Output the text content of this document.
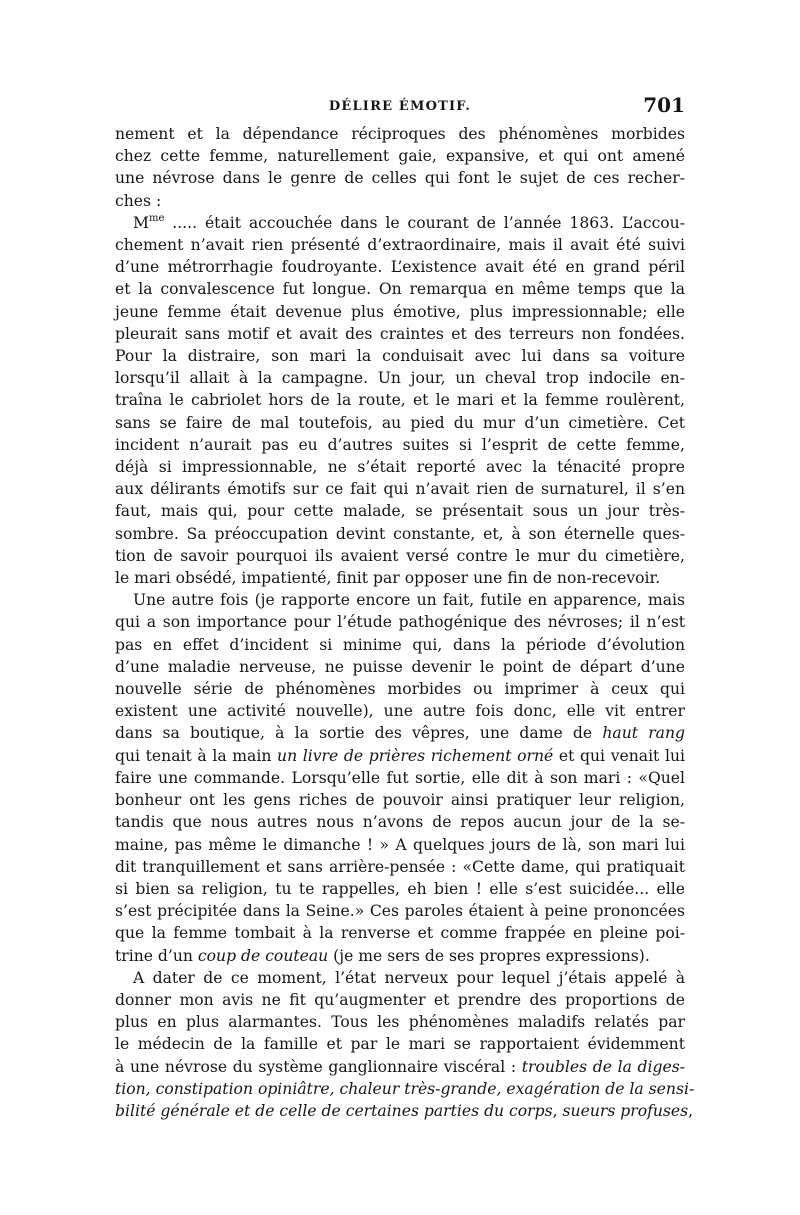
DÉLIRE ÉMOTIF.	701
nement et la dépendance réciproques des phénomènes morbides
chez cette femme, naturellement gaie, expansive, et qui ont amené
une névrose dans le genre de celles qui font le sujet de ces recher-
ches :
$M^{me}$ ..... était accouchée dans le courant de l’année 1863. L’accou-
chement n’avait rien présenté d’extraordinaire, mais il avait été suivi
d’une métrorrhagie foudroyante. L’existence avait été en grand péril
et la convalescence fut longue. On remarqua en même temps que la
jeune femme était devenue plus émotive, plus impressionnable; elle
pleurait sans motif et avait des craintes et des terreurs non fondées.
Pour la distraire, son mari la conduisait avec lui dans sa voiture
lorsqu’il allait à la campagne. Un jour, un cheval trop indocile en-
traîna le cabriolet hors de la route, et le mari et la femme roulèrent,
sans se faire de mal toutefois, au pied du mur d’un cimetière. Cet
incident n’aurait pas eu d’autres suites si l’esprit de cette femme,
déjà si impressionnable, ne s’était reporté avec la ténacité propre
aux délirants émotifs sur ce fait qui n’avait rien de surnaturel, il s’en
faut, mais qui, pour cette malade, se présentait sous un jour très-
sombre. Sa préoccupation devint constante, et, à son éternelle ques-
tion de savoir pourquoi ils avaient versé contre le mur du cimetière,
le mari obsédé, impatienté, finit par opposer une fin de non-recevoir.
Une autre fois (je rapporte encore un fait, futile en apparence, mais
qui a son importance pour l’étude pathogénique des névroses; il n’est
pas en effet d’incident si minime qui, dans la période d’évolution
d’une maladie nerveuse, ne puisse devenir le point de départ d’une
nouvelle série de phénomènes morbides ou imprimer à ceux qui
existent une activité nouvelle), une autre fois donc, elle vit entrer
dans sa boutique, à la sortie des vêpres, une dame de haut rang
qui tenait à la main un livre de prières richement orné et qui venait lui
faire une commande. Lorsqu’elle fut sortie, elle dit à son mari : «Quel
bonheur ont les gens riches de pouvoir ainsi pratiquer leur religion,
tandis que nous autres nous n’avons de repos aucun jour de la se-
maine, pas même le dimanche ! » A quelques jours de là, son mari lui
dit tranquillement et sans arrière-pensée : «Cette dame, qui pratiquait
si bien sa religion, tu te rappelles, eh bien ! elle s’est suicidée... elle
s’est précipitée dans la Seine.» Ces paroles étaient à peine prononcées
que la femme tombait à la renverse et comme frappée en pleine poi-
trine d’un coup de couteau (je me sers de ses propres expressions).
A dater de ce moment, l’état nerveux pour lequel j’étais appelé à
donner mon avis ne fit qu’augmenter et prendre des proportions de
plus en plus alarmantes. Tous les phénomènes maladifs relatés par
le médecin de la famille et par le mari se rapportaient évidemment
à une névrose du système ganglionnaire viscéral : troubles de la diges-
tion, constipation opiniâtre, chaleur très-grande, exagération de la sensi-
bilité générale et de celle de certaines parties du corps, sueurs profuses,
